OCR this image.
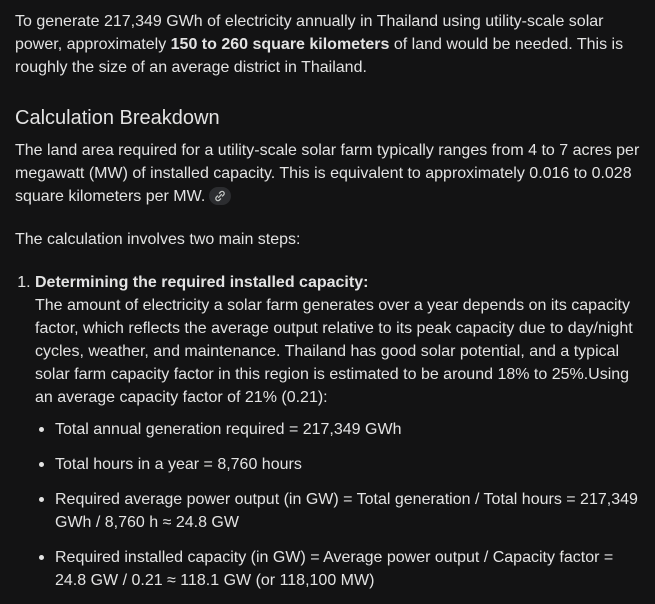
To generate 217,349 GWh of electricity annually in Thailand using utility-scale solar power, approximately 150 to 260 square kilometers of land would be needed. This is roughly the size of an average district in Thailand.

Calculation Breakdown

The land area required for a utility-scale solar farm typically ranges from 4 to 7 acres per megawatt (MW) of installed capacity. This is equivalent to approximately 0.016 to 0.028 square kilometers per MW.

The calculation involves two main steps:

1. Determining the required installed capacity:
The amount of electricity a solar farm generates over a year depends on its capacity factor, which reflects the average output relative to its peak capacity due to day/night cycles, weather, and maintenance. Thailand has good solar potential, and a typical solar farm capacity factor in this region is estimated to be around 18% to 25%.Using an average capacity factor of 21% (0.21):
Total annual generation required = 217,349 GWh
Total hours in a year = 8,760 hours
Required average power output (in GW) = Total generation / Total hours = 217,349 GWh / 8,760 h ≈ 24.8 GW
Required installed capacity (in GW) = Average power output / Capacity factor = 24.8 GW / 0.21 ≈ 118.1 GW (or 118,100 MW)
